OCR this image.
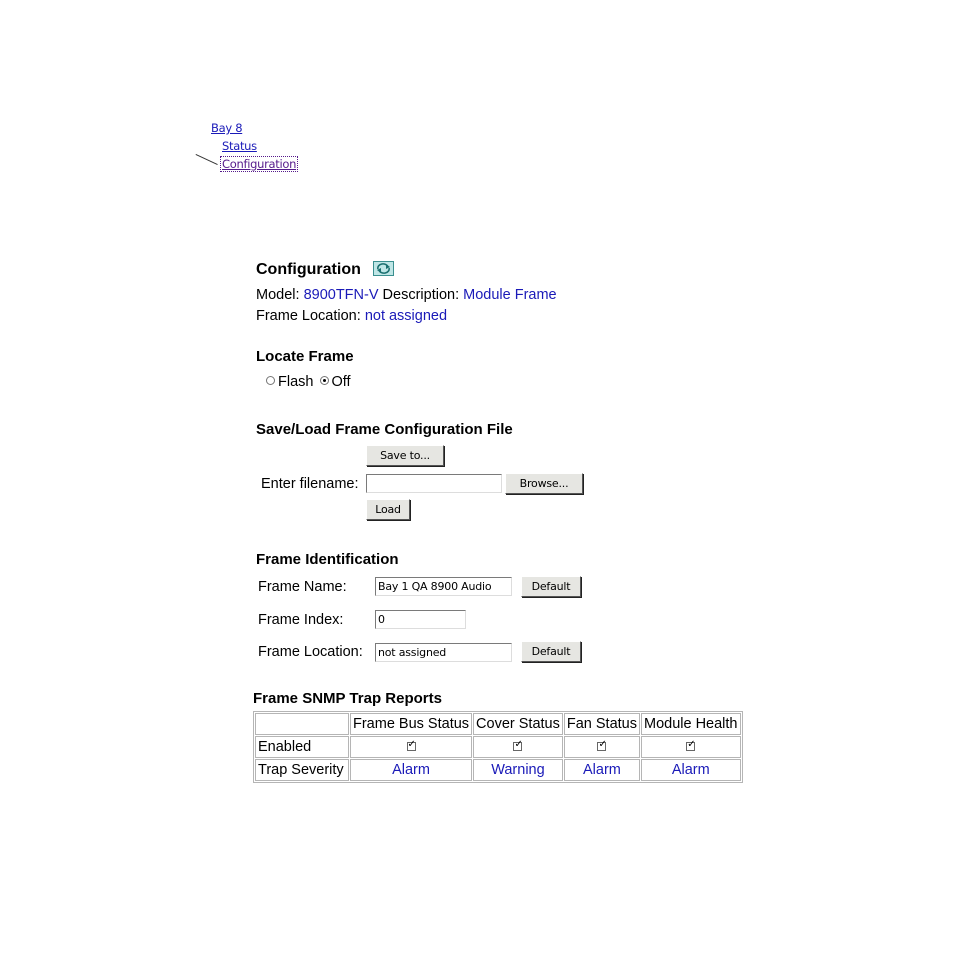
Bay 8
Status
Configuration
Configuration
Model: 8900TFN-V Description: Module Frame
Frame Location: not assigned
Locate Frame
Flash Off
Save/Load Frame Configuration File
Save to...
Enter filename:	Browse...
Load
Frame Identification
Frame Name:	Bay 1 QA 8900 Audio	Default
Frame Index:	0
Frame Location: not assigned	Default
Frame SNMP Trap Reports
	Frame Bus Status	Cover Status	Fan Status	Module Health
Enabled	✓	✓	✓	✓
Trap Severity	Alarm	Warning	Alarm	Alarm
